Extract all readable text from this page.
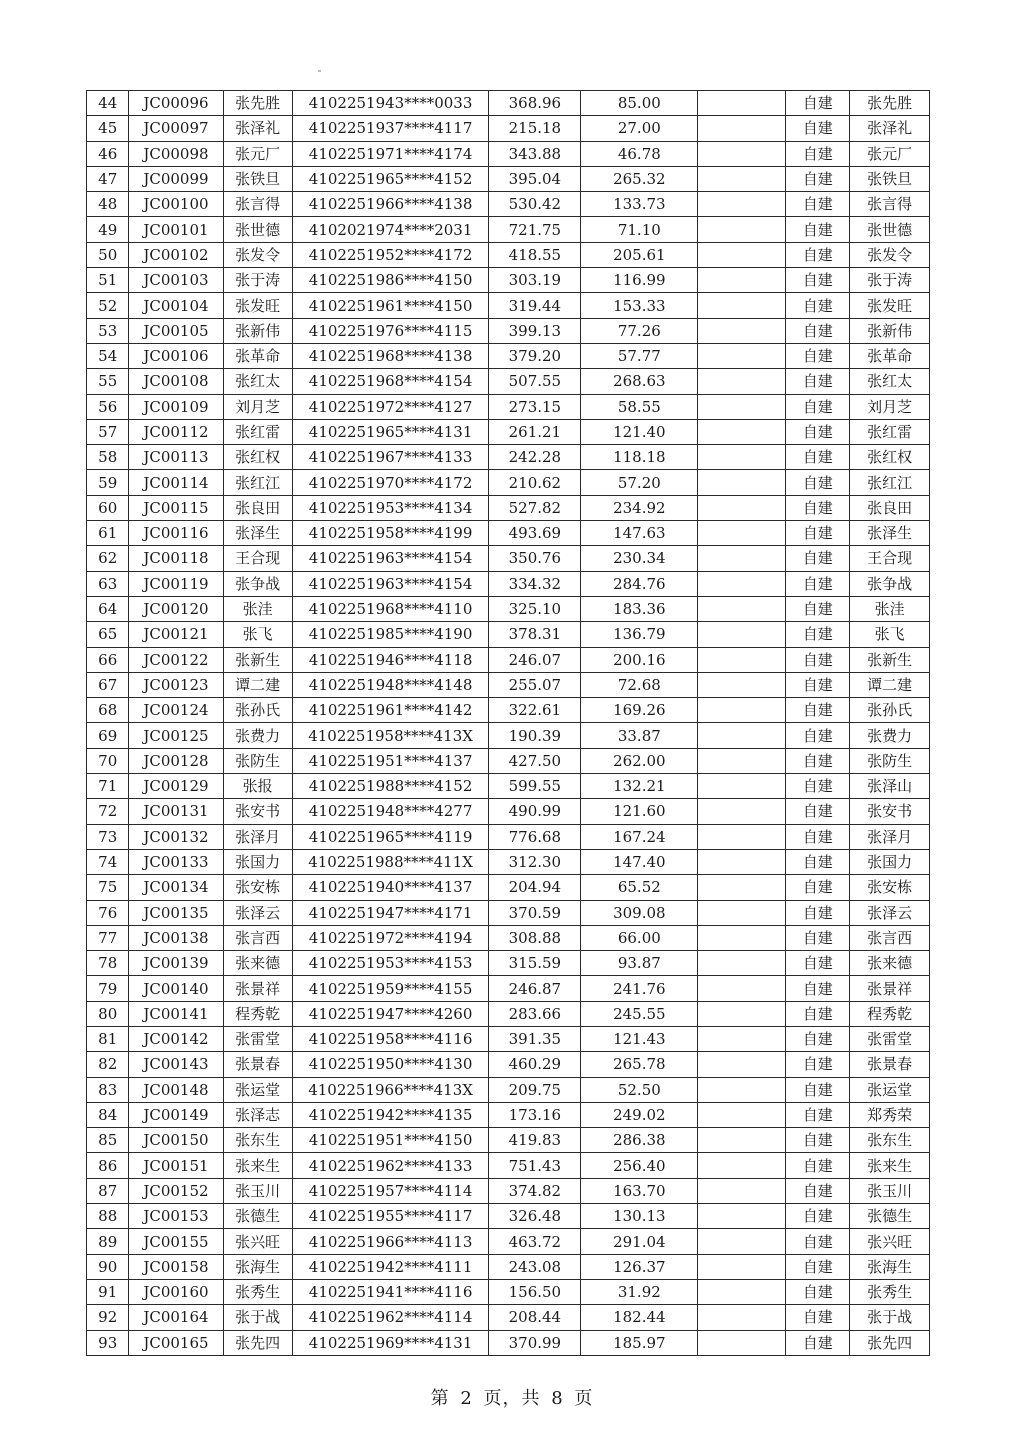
44	JC00096	张先胜	4102251943****0033	368.96	85.00		自建	张先胜
45	JC00097	张泽礼	4102251937****4117	215.18	27.00		自建	张泽礼
46	JC00098	张元厂	4102251971****4174	343.88	46.78		自建	张元厂
47	JC00099	张铁旦	4102251965****4152	395.04	265.32		自建	张铁旦
48	JC00100	张言得	4102251966****4138	530.42	133.73		自建	张言得
49	JC00101	张世德	4102021974****2031	721.75	71.10		自建	张世德
50	JC00102	张发令	4102251952****4172	418.55	205.61		自建	张发令
51	JC00103	张于涛	4102251986****4150	303.19	116.99		自建	张于涛
52	JC00104	张发旺	4102251961****4150	319.44	153.33		自建	张发旺
53	JC00105	张新伟	4102251976****4115	399.13	77.26		自建	张新伟
54	JC00106	张革命	4102251968****4138	379.20	57.77		自建	张革命
55	JC00108	张红太	4102251968****4154	507.55	268.63		自建	张红太
56	JC00109	刘月芝	4102251972****4127	273.15	58.55		自建	刘月芝
57	JC00112	张红雷	4102251965****4131	261.21	121.40		自建	张红雷
58	JC00113	张红权	4102251967****4133	242.28	118.18		自建	张红权
59	JC00114	张红江	4102251970****4172	210.62	57.20		自建	张红江
60	JC00115	张良田	4102251953****4134	527.82	234.92		自建	张良田
61	JC00116	张泽生	4102251958****4199	493.69	147.63		自建	张泽生
62	JC00118	王合现	4102251963****4154	350.76	230.34		自建	王合现
63	JC00119	张争战	4102251963****4154	334.32	284.76		自建	张争战
64	JC00120	张洼	4102251968****4110	325.10	183.36		自建	张洼
65	JC00121	张飞	4102251985****4190	378.31	136.79		自建	张飞
66	JC00122	张新生	4102251946****4118	246.07	200.16		自建	张新生
67	JC00123	谭二建	4102251948****4148	255.07	72.68		自建	谭二建
68	JC00124	张孙氏	4102251961****4142	322.61	169.26		自建	张孙氏
69	JC00125	张费力	4102251958****413X	190.39	33.87		自建	张费力
70	JC00128	张防生	4102251951****4137	427.50	262.00		自建	张防生
71	JC00129	张报	4102251988****4152	599.55	132.21		自建	张泽山
72	JC00131	张安书	4102251948****4277	490.99	121.60		自建	张安书
73	JC00132	张泽月	4102251965****4119	776.68	167.24		自建	张泽月
74	JC00133	张国力	4102251988****411X	312.30	147.40		自建	张国力
75	JC00134	张安栋	4102251940****4137	204.94	65.52		自建	张安栋
76	JC00135	张泽云	4102251947****4171	370.59	309.08		自建	张泽云
77	JC00138	张言西	4102251972****4194	308.88	66.00		自建	张言西
78	JC00139	张来德	4102251953****4153	315.59	93.87		自建	张来德
79	JC00140	张景祥	4102251959****4155	246.87	241.76		自建	张景祥
80	JC00141	程秀乾	4102251947****4260	283.66	245.55		自建	程秀乾
81	JC00142	张雷堂	4102251958****4116	391.35	121.43		自建	张雷堂
82	JC00143	张景春	4102251950****4130	460.29	265.78		自建	张景春
83	JC00148	张运堂	4102251966****413X	209.75	52.50		自建	张运堂
84	JC00149	张泽志	4102251942****4135	173.16	249.02		自建	郑秀荣
85	JC00150	张东生	4102251951****4150	419.83	286.38		自建	张东生
86	JC00151	张来生	4102251962****4133	751.43	256.40		自建	张来生
87	JC00152	张玉川	4102251957****4114	374.82	163.70		自建	张玉川
88	JC00153	张德生	4102251955****4117	326.48	130.13		自建	张德生
89	JC00155	张兴旺	4102251966****4113	463.72	291.04		自建	张兴旺
90	JC00158	张海生	4102251942****4111	243.08	126.37		自建	张海生
91	JC00160	张秀生	4102251941****4116	156.50	31.92		自建	张秀生
92	JC00164	张于战	4102251962****4114	208.44	182.44		自建	张于战
93	JC00165	张先四	4102251969****4131	370.99	185.97		自建	张先四
第 2 页，共 8 页
